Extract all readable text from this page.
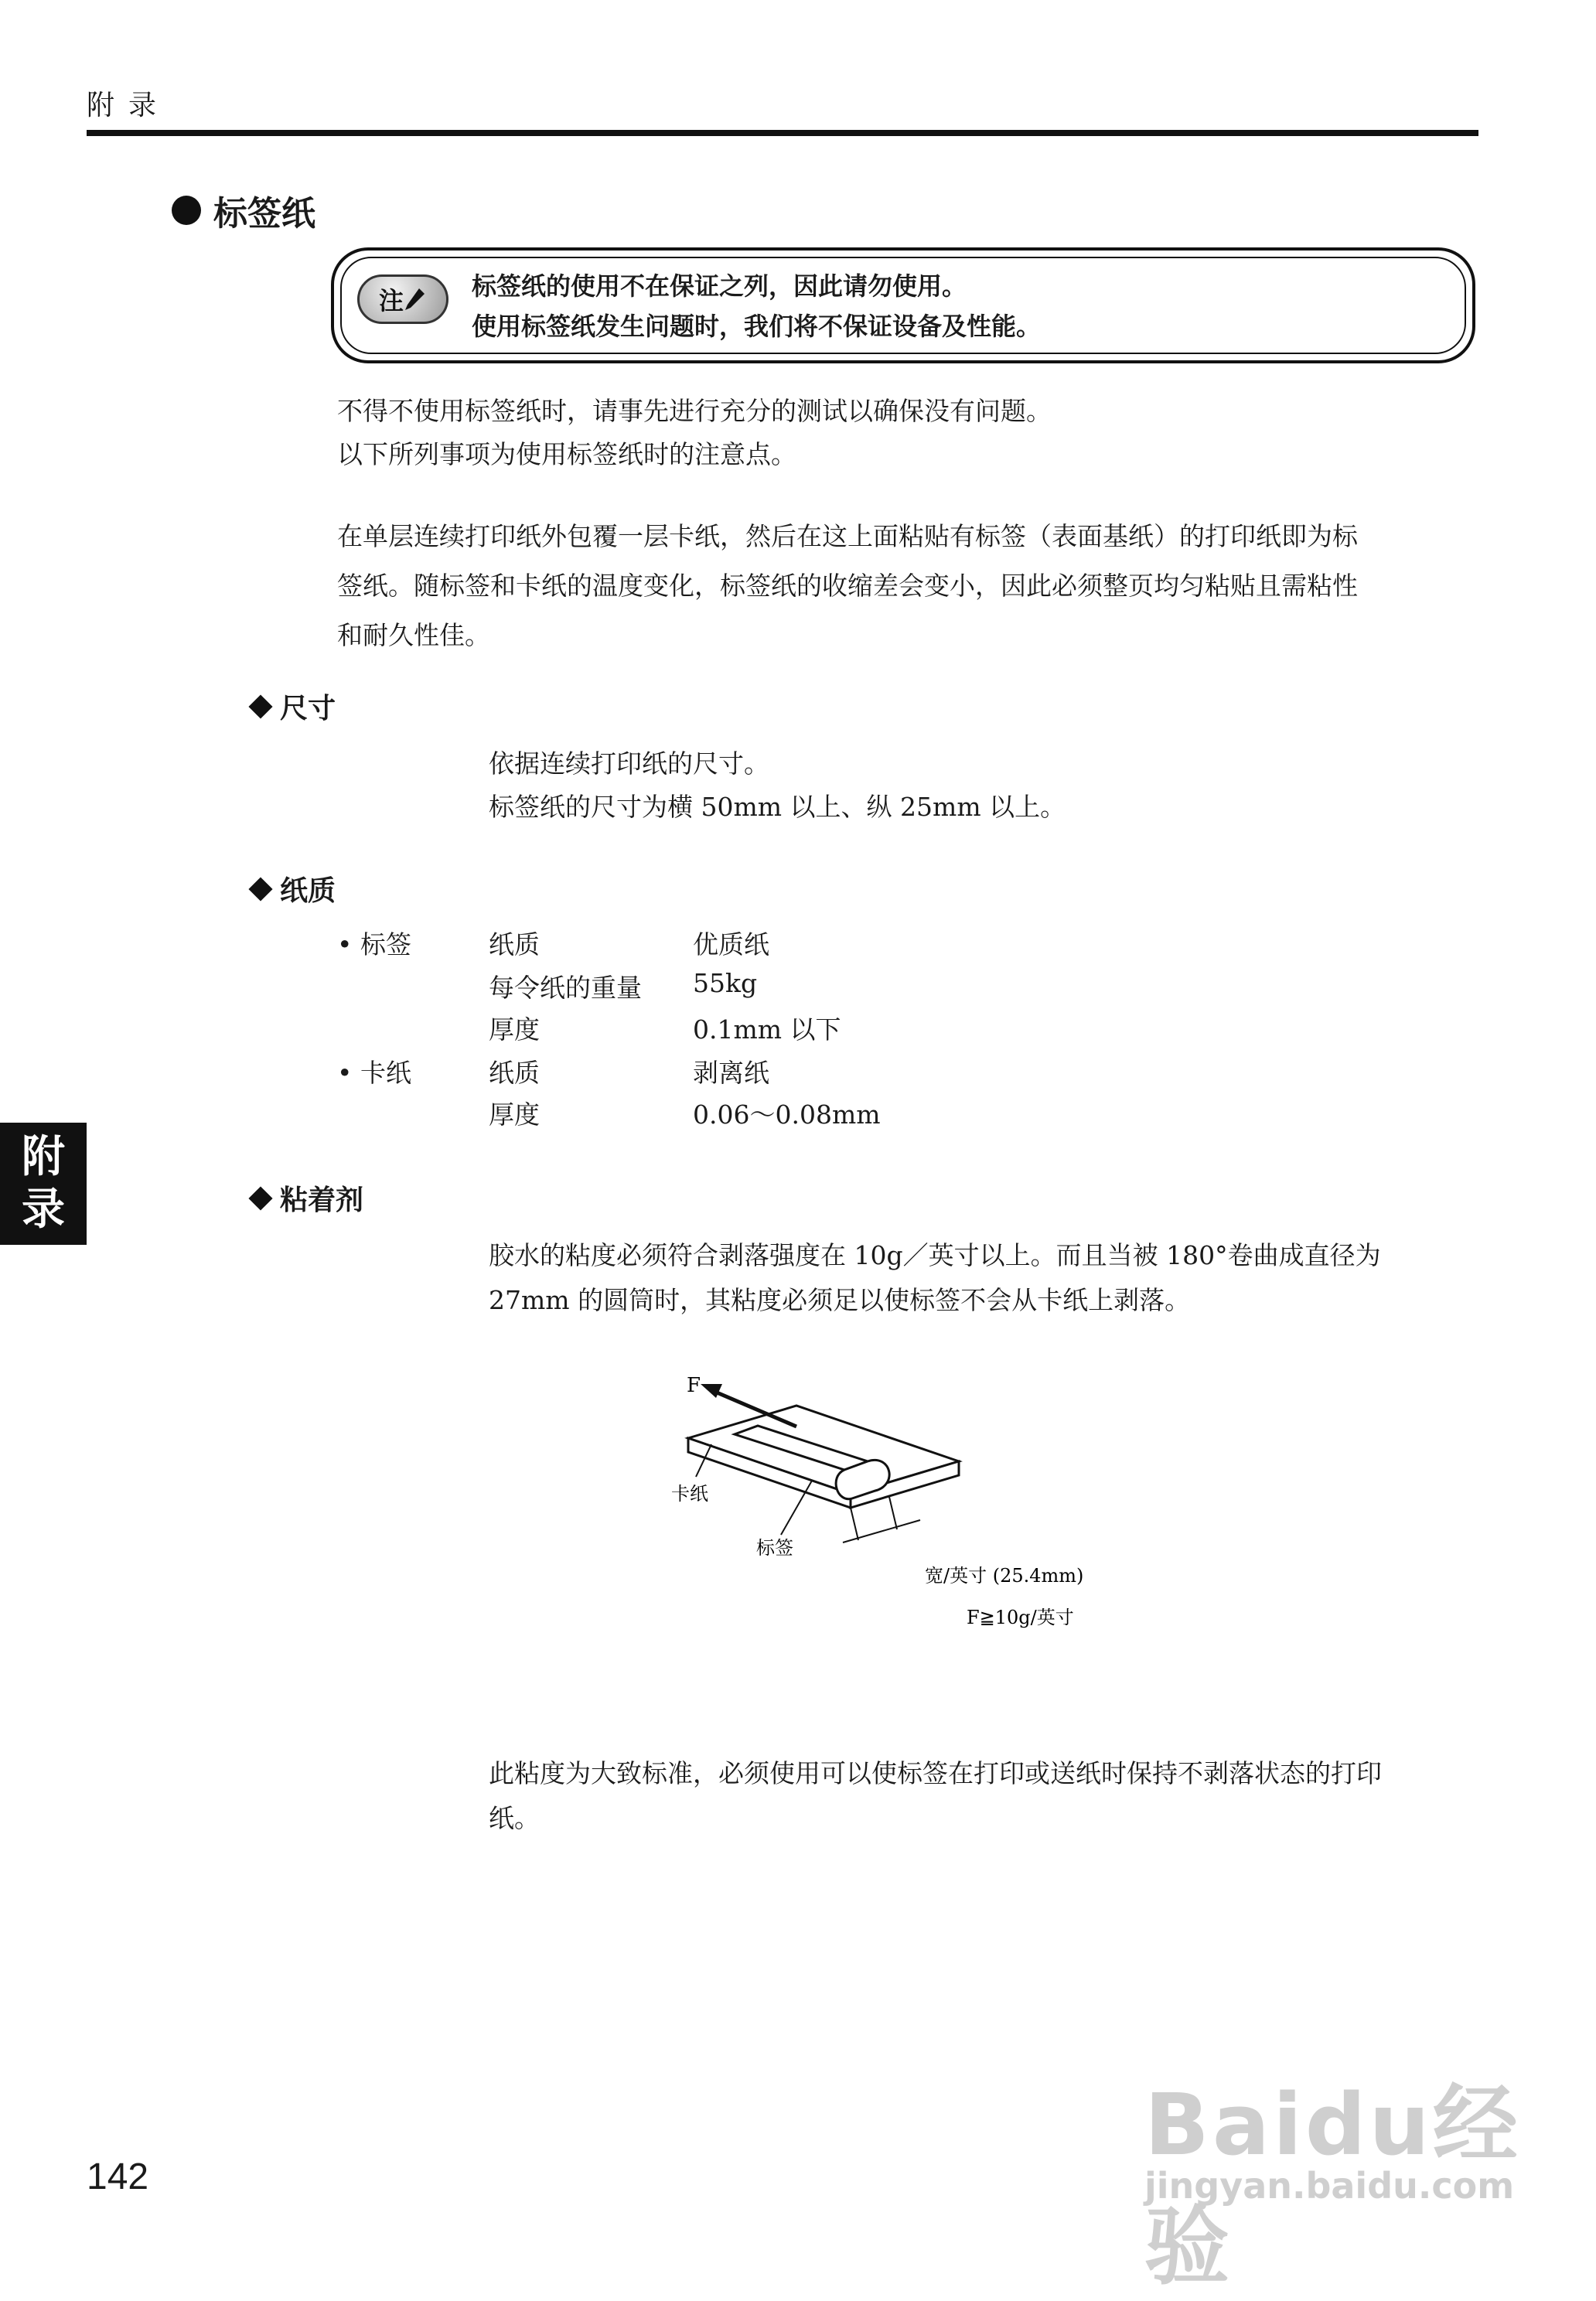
附录
标签纸
注	标签纸的使用不在保证之列，因此请勿使用。
使用标签纸发生问题时，我们将不保证设备及性能。
不得不使用标签纸时，请事先进行充分的测试以确保没有问题。
以下所列事项为使用标签纸时的注意点。
在单层连续打印纸外包覆一层卡纸，然后在这上面粘贴有标签（表面基纸）的打印纸即为标
签纸。随标签和卡纸的温度变化，标签纸的收缩差会变小，因此必须整页均匀粘贴且需粘性
和耐久性佳。
尺寸
依据连续打印纸的尺寸。
标签纸的尺寸为横 50mm 以上、纵 25mm 以上。
纸质
• 标签	纸质	优质纸
每令纸的重量 55kg
厚度	0.1mm 以下
• 卡纸	纸质	剥离纸
厚度	0.06～0.08mm
附
录	粘着剂
胶水的粘度必须符合剥落强度在 10g／英寸以上。而且当被 180°卷曲成直径为
27mm 的圆筒时，其粘度必须足以使标签不会从卡纸上剥落。
F
卡纸
标签
宽/英寸 (25.4mm)
F≧10g/英寸
此粘度为大致标准，必须使用可以使标签在打印或送纸时保持不剥落状态的打印
纸。
142
Baidu经验
jingyan.baidu.com
